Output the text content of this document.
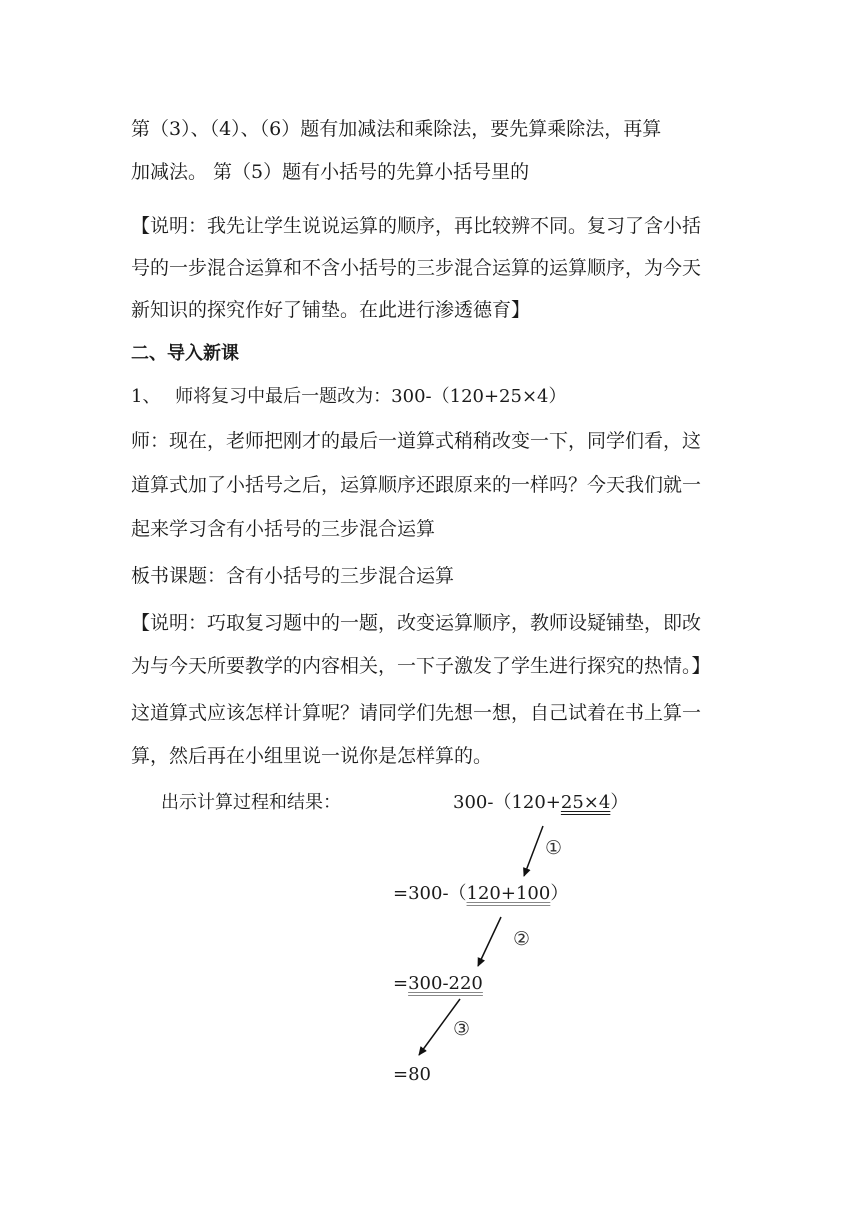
第（3）、（4）、（6）题有加减法和乘除法，要先算乘除法，再算

加减法。 第（5）题有小括号的先算小括号里的

【说明：我先让学生说说运算的顺序，再比较辨不同。复习了含小括

号的一步混合运算和不含小括号的三步混合运算的运算顺序，为今天

新知识的探究作好了铺垫。在此进行渗透德育】

二、导入新课

1、　 师将复习中最后一题改为：300-（120+25×4）

师：现在，老师把刚才的最后一道算式稍稍改变一下，同学们看，这

道算式加了小括号之后，运算顺序还跟原来的一样吗？今天我们就一

起来学习含有小括号的三步混合运算

板书课题：含有小括号的三步混合运算

【说明：巧取复习题中的一题，改变运算顺序，教师设疑铺垫，即改

为与今天所要教学的内容相关，一下子激发了学生进行探究的热情。】

这道算式应该怎样计算呢？请同学们先想一想，自己试着在书上算一

算，然后再在小组里说一说你是怎样算的。

出示计算过程和结果：	300-（120+25×4）
①
=300-（120+100）
②
=300-220
③
=80
